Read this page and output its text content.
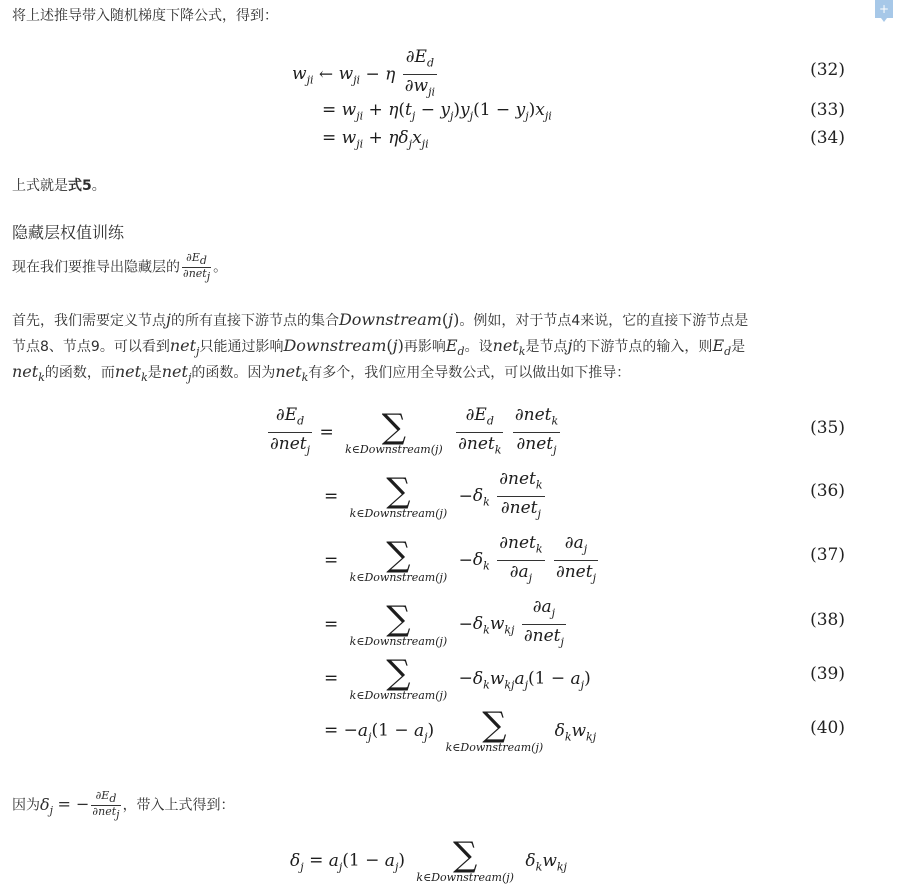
+
将上述推导带入随机梯度下降公式，得到：
$w_{ji}$ ← $w_{ji} - \eta \frac{\partial E_d}{\partial w_{ji}}$	(32)
= $w_{ji} + \eta(t_j - y_j)y_j(1 - y_j)x_{ji}$	(33)
= $w_{ji} + \eta\delta_jx_{ji}$	(34)
上式就是式5。
隐藏层权值训练
现在我们要推导出隐藏层的 $\frac{\partial E_d}{\partial net_j}$ 。
首先，我们需要定义节点j的所有直接下游节点的集合Downstream(j)。例如，对于节点4来说，它的直接下游节点是
节点8、节点9。可以看到net$_j$只能通过影响Downstream(j)再影响$E_d$。设net$_k$是节点j的下游节点的输入，则$E_d$是
net$_k$的函数，而net$_k$是net$_j$的函数。因为net$_k$有多个，我们应用全导数公式，可以做出如下推导：
$\frac{\partial E_d}{\partial net_j}$ =	∑
k∈Downstream(j)
$\frac{\partial E_d}{\partial net_k}$
$\frac{\partial net_k}{\partial net_j}$	(35)
=	∑
k∈Downstream(j)
$-\delta_k \frac{\partial net_k}{\partial net_j}$	(36)
=	∑
k∈Downstream(j)
$-\delta_k \frac{\partial net_k}{\partial a_j}$
$\frac{\partial a_j}{\partial net_j}$	(37)
=	∑
k∈Downstream(j)
$-\delta_kw_{kj} \frac{\partial a_j}{\partial net_j}$	(38)
=	∑
k∈Downstream(j)
$-\delta_kw_{kj}a_j(1 - a_j)$	(39)
= $-a_j(1 - a_j)$	∑
k∈Downstream(j)
$\delta_kw_{kj}$	(40)
因为$\delta_j$ = − $\frac{\partial E_d}{\partial net_j}$ ，带入上式得到：
$\delta_j = a_j(1 - a_j)$	∑
k∈Downstream(j)
$\delta_kw_{kj}$
